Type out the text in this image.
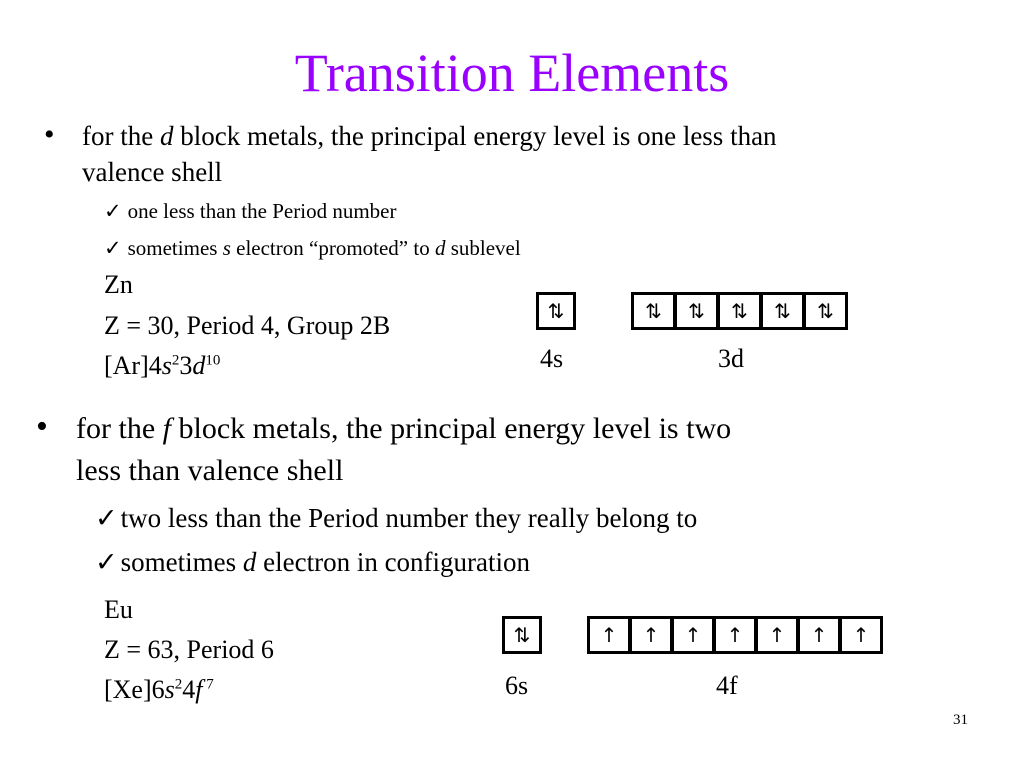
Transition Elements
• for the d block metals, the principal energy level is one less than
valence shell
✓ one less than the Period number
✓ sometimes s electron “promoted” to d sublevel
Zn
Z = 30, Period 4, Group 2B
$[Ar]4s^23d^{10}$
⇅
4s
⇅	⇅	⇅	⇅	⇅
3d
• for the f block metals, the principal energy level is two
less than valence shell
✓ two less than the Period number they really belong to
✓ sometimes d electron in configuration
Eu
Z = 63, Period 6
$[Xe]6s^24f$ $^7$
⇅
6s
↑	↑	↑	↑	↑	↑	↑
4f
31
